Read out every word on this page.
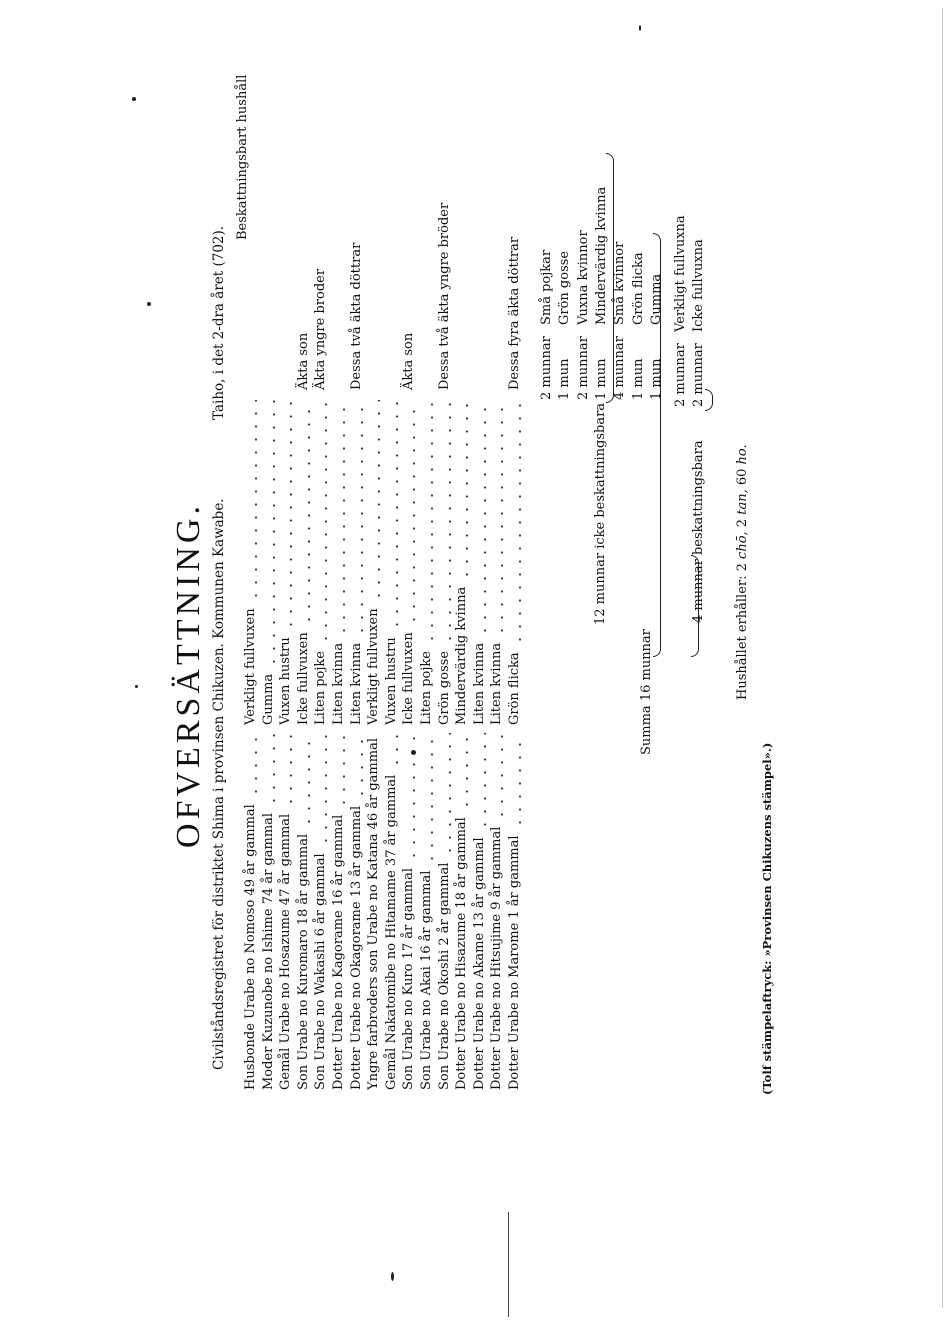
OFVERSÄTTNING. Civilståndsregistret för distriktet Shima i provinsen Chikuzen. Kommunen Kawabe.
Taiho, i det 2-dra året (702).
Beskattningsbart hushåll
Husbonde Urabe no Nomoso 49 år gammal
Verkligt fullvuxen
Moder Kuzunobe no Ishime 74 år gammal
Gumma
Gemål Urabe no Hosazume 47 år gammal
Vuxen hustru
Son Urabe no Kuromaro 18 år gammal
Icke fullvuxen
Äkta son
Son Urabe no Wakashi 6 år gammal
Liten pojke
Äkta yngre broder
Dotter Urabe no Kagorame 16 år gammal
Liten kvinna
Dotter Urabe no Okagorame 13 år gammal
Liten kvinna
Dessa två äkta döttrar
Yngre farbroders son Urabe no Katana 46 år gammal
Verkligt fullvuxen
Gemål Nakatomibe no Hitamame 37 år gammal
Vuxen hustru
Son Urabe no Kuro 17 år gammal
Icke fullvuxen
Äkta son
Son Urabe no Akai 16 år gammal
Liten pojke
Son Urabe no Okoshi 2 år gammal
Grön gosse
Dessa två äkta yngre bröder
Dotter Urabe no Hisazume 18 år gammal
Mindervärdig kvinna
Dotter Urabe no Akame 13 år gammal
Liten kvinna
Dotter Urabe no Hitsujime 9 år gammal
Liten kvinna
Dotter Urabe no Marome 1 år gammal
Grön flicka
Dessa fyra äkta döttrar
Summa 16 munnar
12 munnar icke beskattningsbara	4 munnar beskattningsbara
2 munnar
Små pojkar
1 mun
Grön gosse
2 munnar
Vuxna kvinnor
1 mun
Mindervärdig kvinna
4 munnar
Små kvinnor
1 mun
Grön flicka
1 mun
Gumma
2 munnar
Verkligt fullvuxna
2 munnar
Icke fullvuxna
Hushållet erhåller: 2 chō, 2 tan, 60 ho.
(Tolf stämpelaftryck: »Provinsen Chikuzens stämpel».)
